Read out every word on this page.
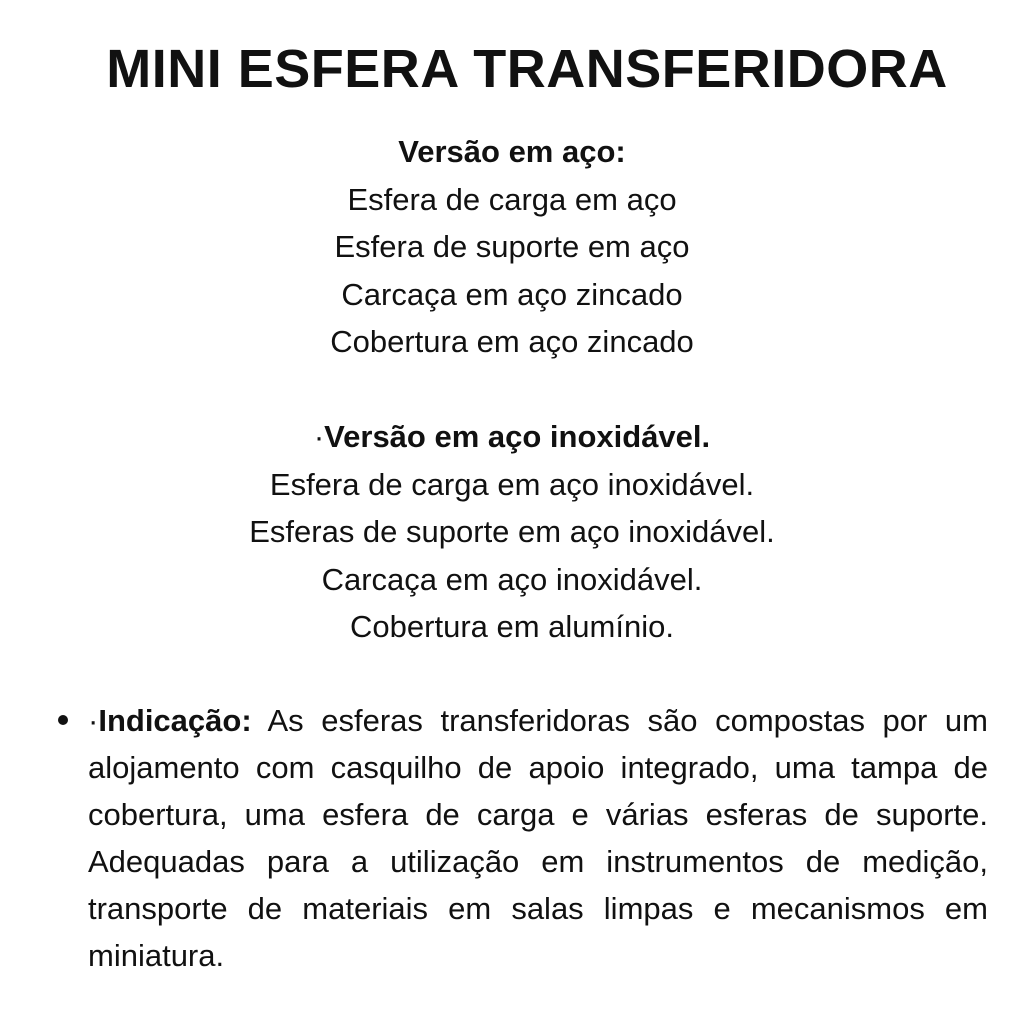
MINI ESFERA TRANSFERIDORA
Versão em aço:
Esfera de carga em aço
Esfera de suporte em aço
Carcaça em aço zincado
Cobertura em aço zincado
·Versão em aço inoxidável.
Esfera de carga em aço inoxidável.
Esferas de suporte em aço inoxidável.
Carcaça em aço inoxidável.
Cobertura em alumínio.

·Indicação: As esferas transferidoras são compostas por um alojamento com casquilho de apoio integrado, uma tampa de cobertura, uma esfera de carga e várias esferas de suporte. Adequadas para a utilização em instrumentos de medição, transporte de materiais em salas limpas e mecanismos em miniatura.
